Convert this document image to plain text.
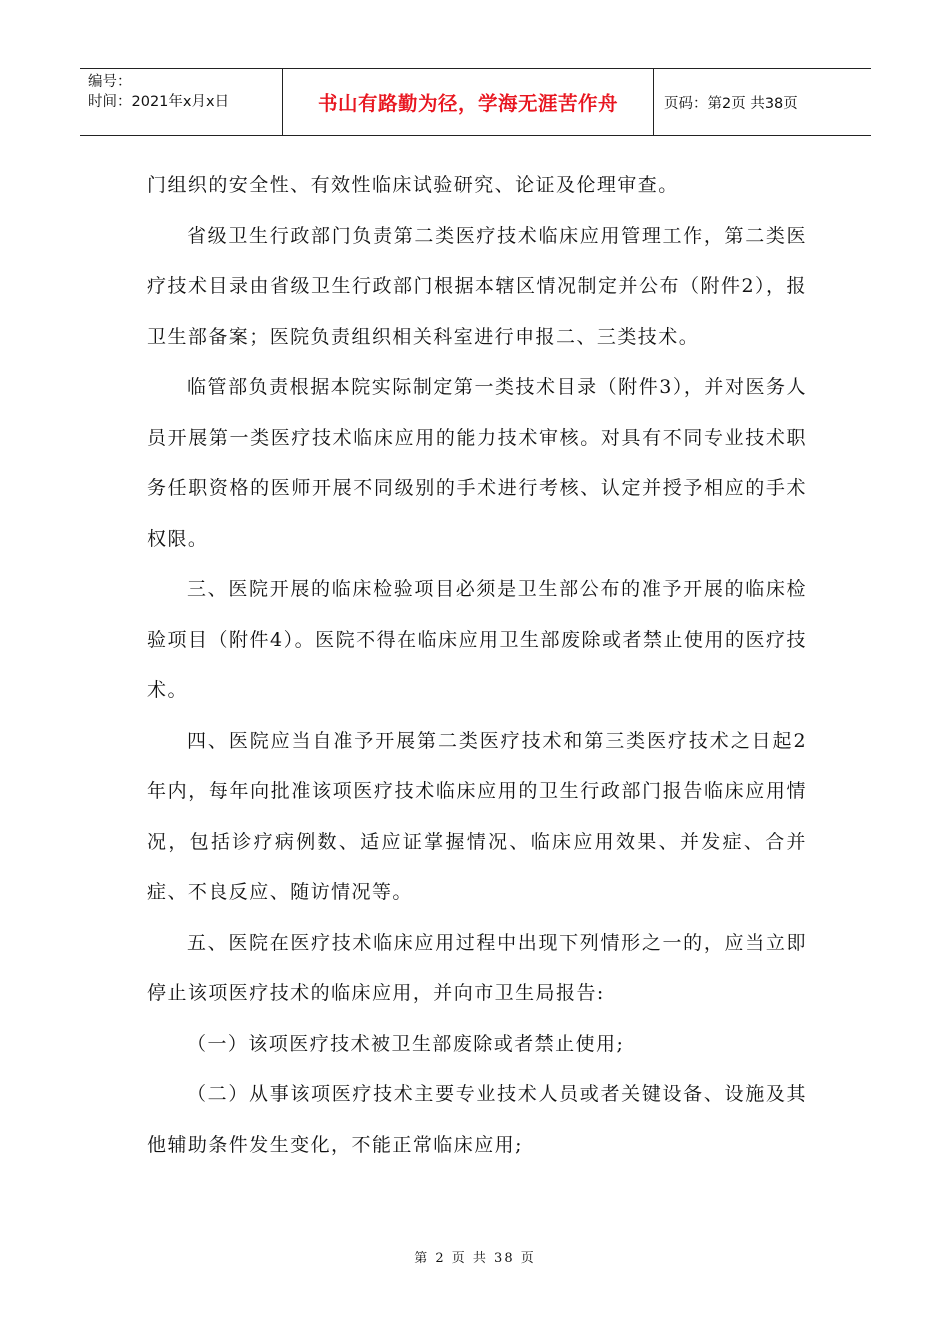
编号：
时间：2021年x月x日	书山有路勤为径，学海无涯苦作舟	页码：第2页 共38页

门组织的安全性、有效性临床试验研究、论证及伦理审查。

省级卫生行政部门负责第二类医疗技术临床应用管理工作，第二类医疗技术目录由省级卫生行政部门根据本辖区情况制定并公布（附件2），报卫生部备案；医院负责组织相关科室进行申报二、三类技术。

临管部负责根据本院实际制定第一类技术目录（附件3），并对医务人员开展第一类医疗技术临床应用的能力技术审核。对具有不同专业技术职务任职资格的医师开展不同级别的手术进行考核、认定并授予相应的手术权限。

三、医院开展的临床检验项目必须是卫生部公布的准予开展的临床检验项目（附件4）。医院不得在临床应用卫生部废除或者禁止使用的医疗技术。

四、医院应当自准予开展第二类医疗技术和第三类医疗技术之日起2年内，每年向批准该项医疗技术临床应用的卫生行政部门报告临床应用情况，包括诊疗病例数、适应证掌握情况、临床应用效果、并发症、合并症、不良反应、随访情况等。

五、医院在医疗技术临床应用过程中出现下列情形之一的，应当立即停止该项医疗技术的临床应用，并向市卫生局报告:

（一）该项医疗技术被卫生部废除或者禁止使用;

（二）从事该项医疗技术主要专业技术人员或者关键设备、设施及其他辅助条件发生变化，不能正常临床应用;

第 2 页 共 38 页
